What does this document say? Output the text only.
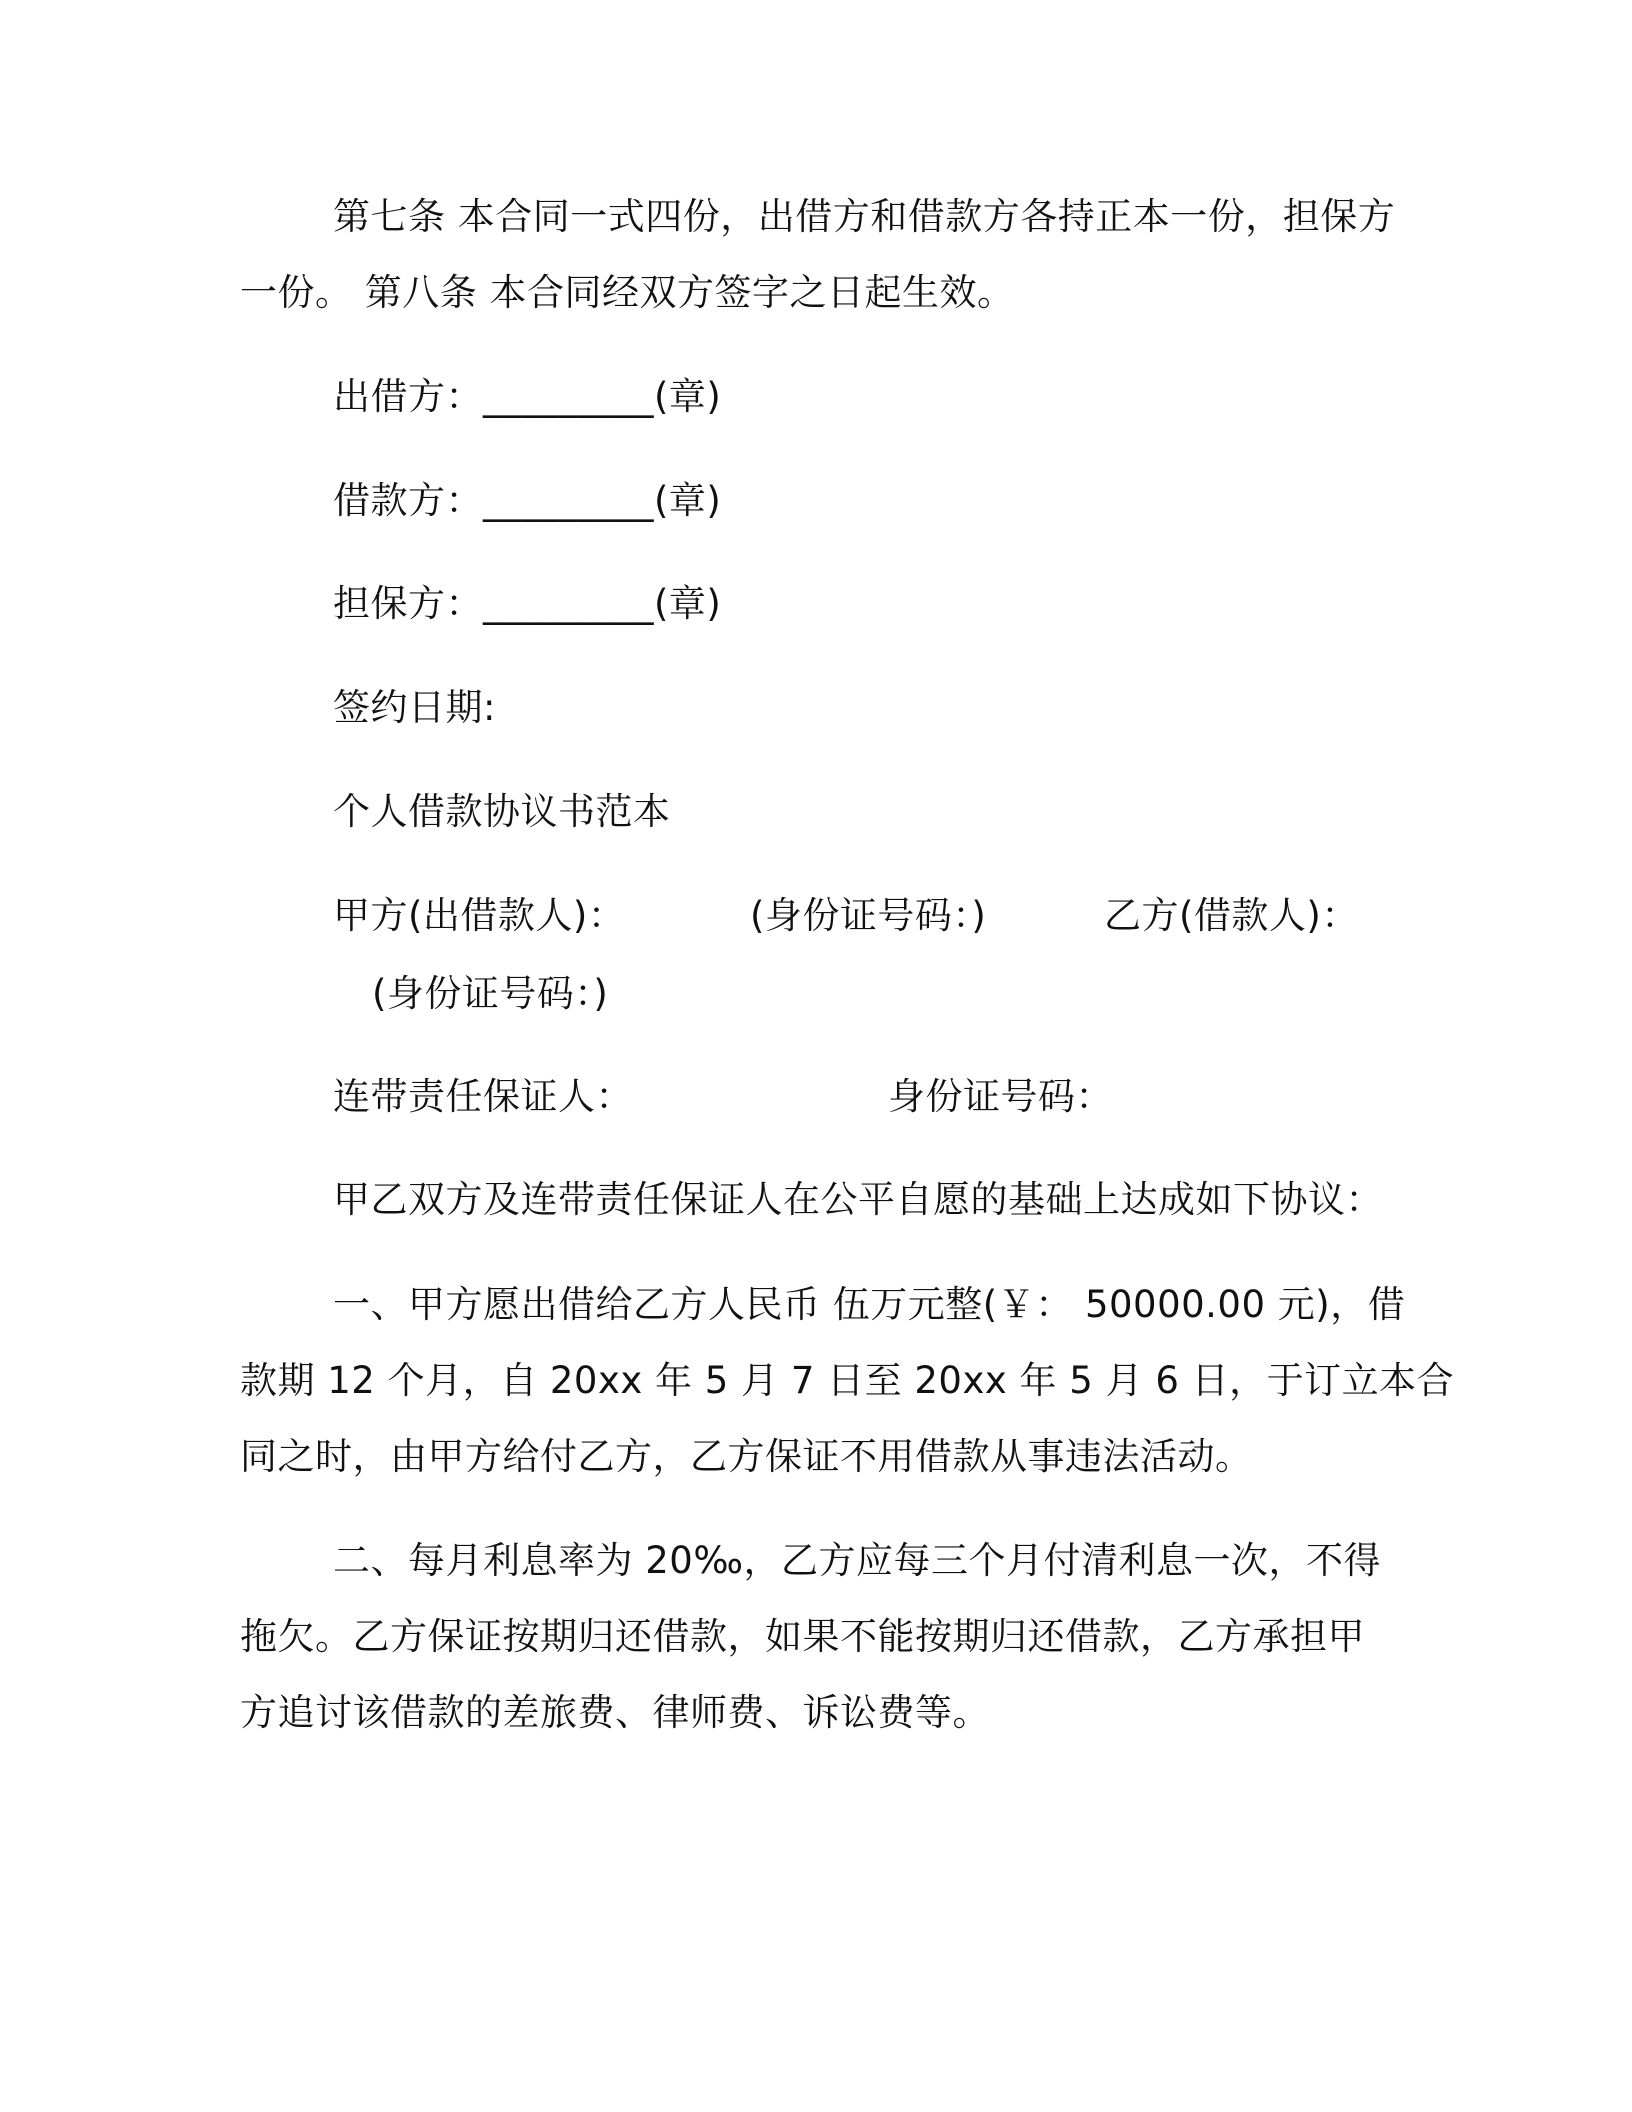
第七条 本合同一式四份，出借方和借款方各持正本一份，担保方
一份。 第八条 本合同经双方签字之日起生效。
出借方：_________(章)
借款方：_________(章)
担保方：_________(章)
签约日期:
个人借款协议书范本
甲方(出借款人)：	(身份证号码：)	乙方(借款人)：
(身份证号码：)
连带责任保证人：	身份证号码：
甲乙双方及连带责任保证人在公平自愿的基础上达成如下协议：
一、甲方愿出借给乙方人民币 伍万元整(￥： 50000.00 元)，借
款期 12 个月，自 20xx 年 5 月 7 日至 20xx 年 5 月 6 日，于订立本合
同之时，由甲方给付乙方，乙方保证不用借款从事违法活动。
二、每月利息率为 20‰，乙方应每三个月付清利息一次，不得
拖欠。乙方保证按期归还借款，如果不能按期归还借款，乙方承担甲
方追讨该借款的差旅费、律师费、诉讼费等。
